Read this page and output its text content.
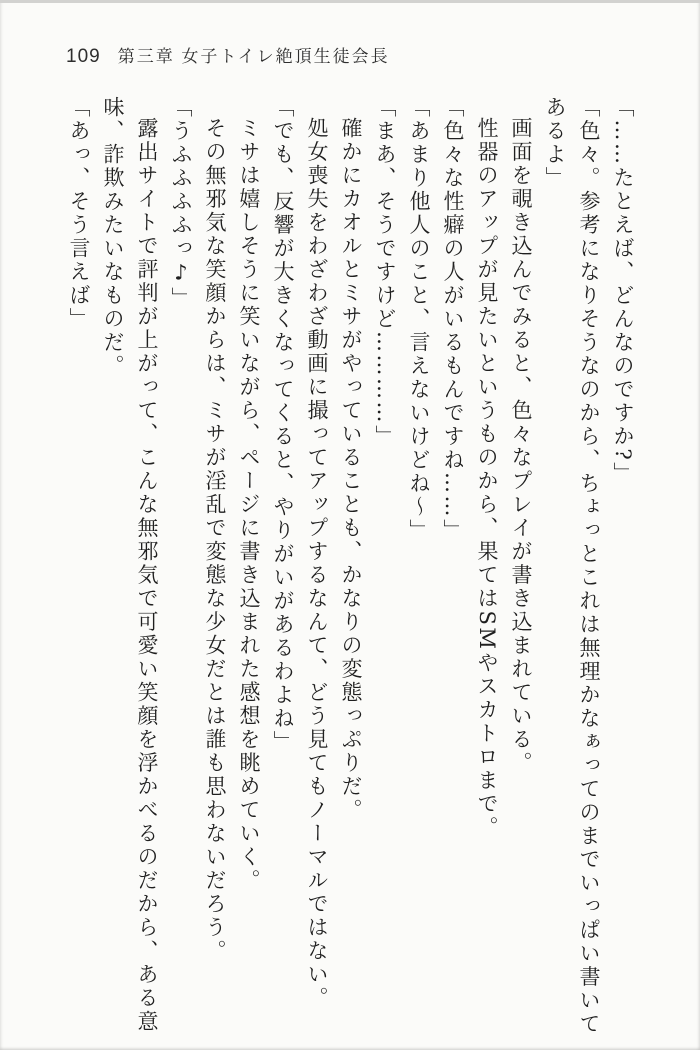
109 第三章 女子トイレ絶頂生徒会長

「……たとえば、どんなのですか?」

「色々。参考になりそうなのから、ちょっとこれは無理かなぁってのまでいっぱい書いてあるよ」

画面を覗き込んでみると、色々なプレイが書き込まれている。

性器のアップが見たいというものから、果てはSMやスカトロまで。

「色々な性癖の人がいるもんですね……」

「あまり他人のこと、言えないけどね〜」

「まあ、そうですけど…………」

確かにカオルとミサがやっていることも、かなりの変態っぷりだ。

処女喪失をわざわざ動画に撮ってアップするなんて、どう見てもノーマルではない。

「でも、反響が大きくなってくると、やりがいがあるわよね」

ミサは嬉しそうに笑いながら、ページに書き込まれた感想を眺めていく。

その無邪気な笑顔からは、ミサが淫乱で変態な少女だとは誰も思わないだろう。

「うふふふふっ♪」

露出サイトで評判が上がって、こんな無邪気で可愛い笑顔を浮かべるのだから、ある意味、詐欺みたいなものだ。

「あっ、そう言えば」
